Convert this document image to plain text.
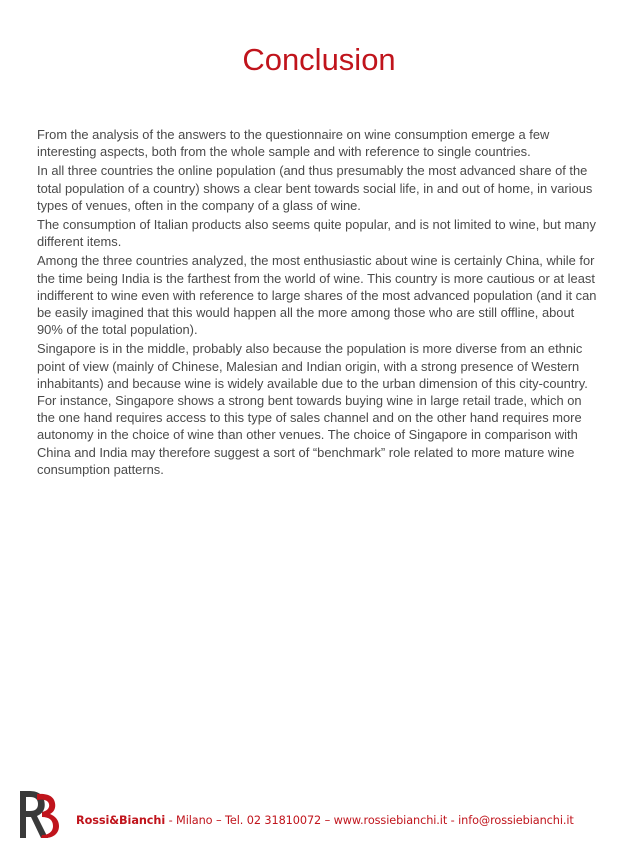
Conclusion

From the analysis of the answers to the questionnaire on wine consumption emerge a few interesting aspects, both from the whole sample and with reference to single countries.

In all three countries the online population (and thus presumably the most advanced share of the total population of a country) shows a clear bent towards social life, in and out of home, in various types of venues, often in the company of a glass of wine.

The consumption of Italian products also seems quite popular, and is not limited to wine, but many different items.

Among the three countries analyzed, the most enthusiastic about wine is certainly China, while for the time being India is the farthest from the world of wine. This country is more cautious or at least indifferent to wine even with reference to large shares of the most advanced population (and it can be easily imagined that this would happen all the more among those who are still offline, about 90% of the total population).

Singapore is in the middle, probably also because the population is more diverse from an ethnic point of view (mainly of Chinese, Malesian and Indian origin, with a strong presence of Western inhabitants) and because wine is widely available due to the urban dimension of this city-country. For instance, Singapore shows a strong bent towards buying wine in large retail trade, which on the one hand requires access to this type of sales channel and on the other hand requires more autonomy in the choice of wine than other venues. The choice of Singapore in comparison with China and India may therefore suggest a sort of “benchmark” role related to more mature wine consumption patterns.

Rossi&Bianchi - Milano – Tel. 02 31810072 – www.rossiebianchi.it - info@rossiebianchi.it
